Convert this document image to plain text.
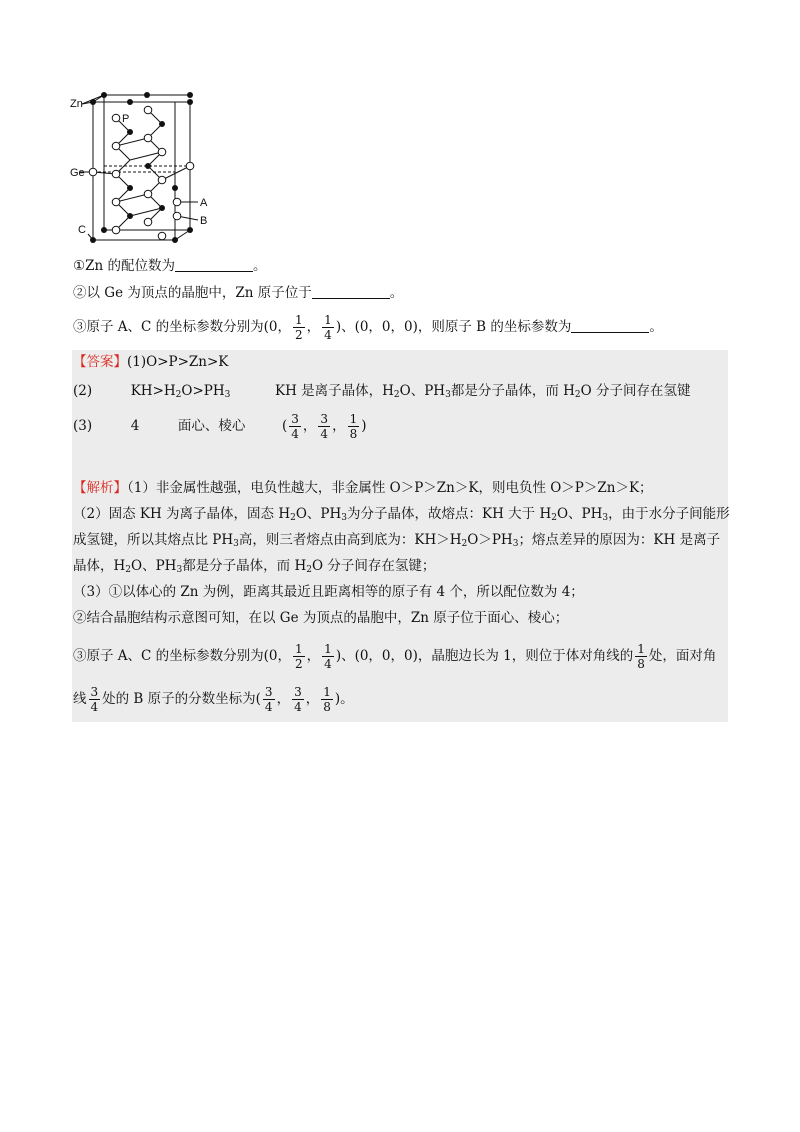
Zn
P
Ge
C
A
B
①Zn 的配位数为	。
②以 Ge 为顶点的晶胞中，Zn 原子位于	。
③原子 A、C 的坐标参数分别为(0， $\frac{1}{2}$ ， $\frac{1}{4}$ )、(0，0，0)，则原子 B 的坐标参数为	。
【答案】(1)O>P>Zn>K
(2)	$KH>H_2O>PH_3$	KH 是离子晶体，$H_2O$、$PH_3$都是分子晶体，而 $H_2O$ 分子间存在氢键
(3)	4	面心、棱心	( $\frac{3}{4}$ ， $\frac{3}{4}$ ， $\frac{1}{8}$ )
【解析】（1）非金属性越强，电负性越大，非金属性 O＞P＞Zn＞K，则电负性 O＞P＞Zn＞K；
（2）固态 KH 为离子晶体，固态 $H_2O$、$PH_3$为分子晶体，故熔点：KH 大于 $H_2O$、$PH_3$，由于水分子间能形
成氢键，所以其熔点比 $PH_3$高，则三者熔点由高到底为：$KH>H_2O>PH_3$；熔点差异的原因为：KH 是离子
晶体，$H_2O$、$PH_3$都是分子晶体，而 $H_2O$ 分子间存在氢键；
（3）①以体心的 Zn 为例，距离其最近且距离相等的原子有 4 个，所以配位数为 4；
②结合晶胞结构示意图可知，在以 Ge 为顶点的晶胞中，Zn 原子位于面心、棱心；
③原子 A、C 的坐标参数分别为(0， $\frac{1}{2}$ ， $\frac{1}{4}$ )、(0，0，0)，晶胞边长为 1，则位于体对角线的 $\frac{1}{8}$ 处，面对角
线 $\frac{3}{4}$ 处的 B 原子的分数坐标为( $\frac{3}{4}$ ， $\frac{3}{4}$ ， $\frac{1}{8}$ )。
